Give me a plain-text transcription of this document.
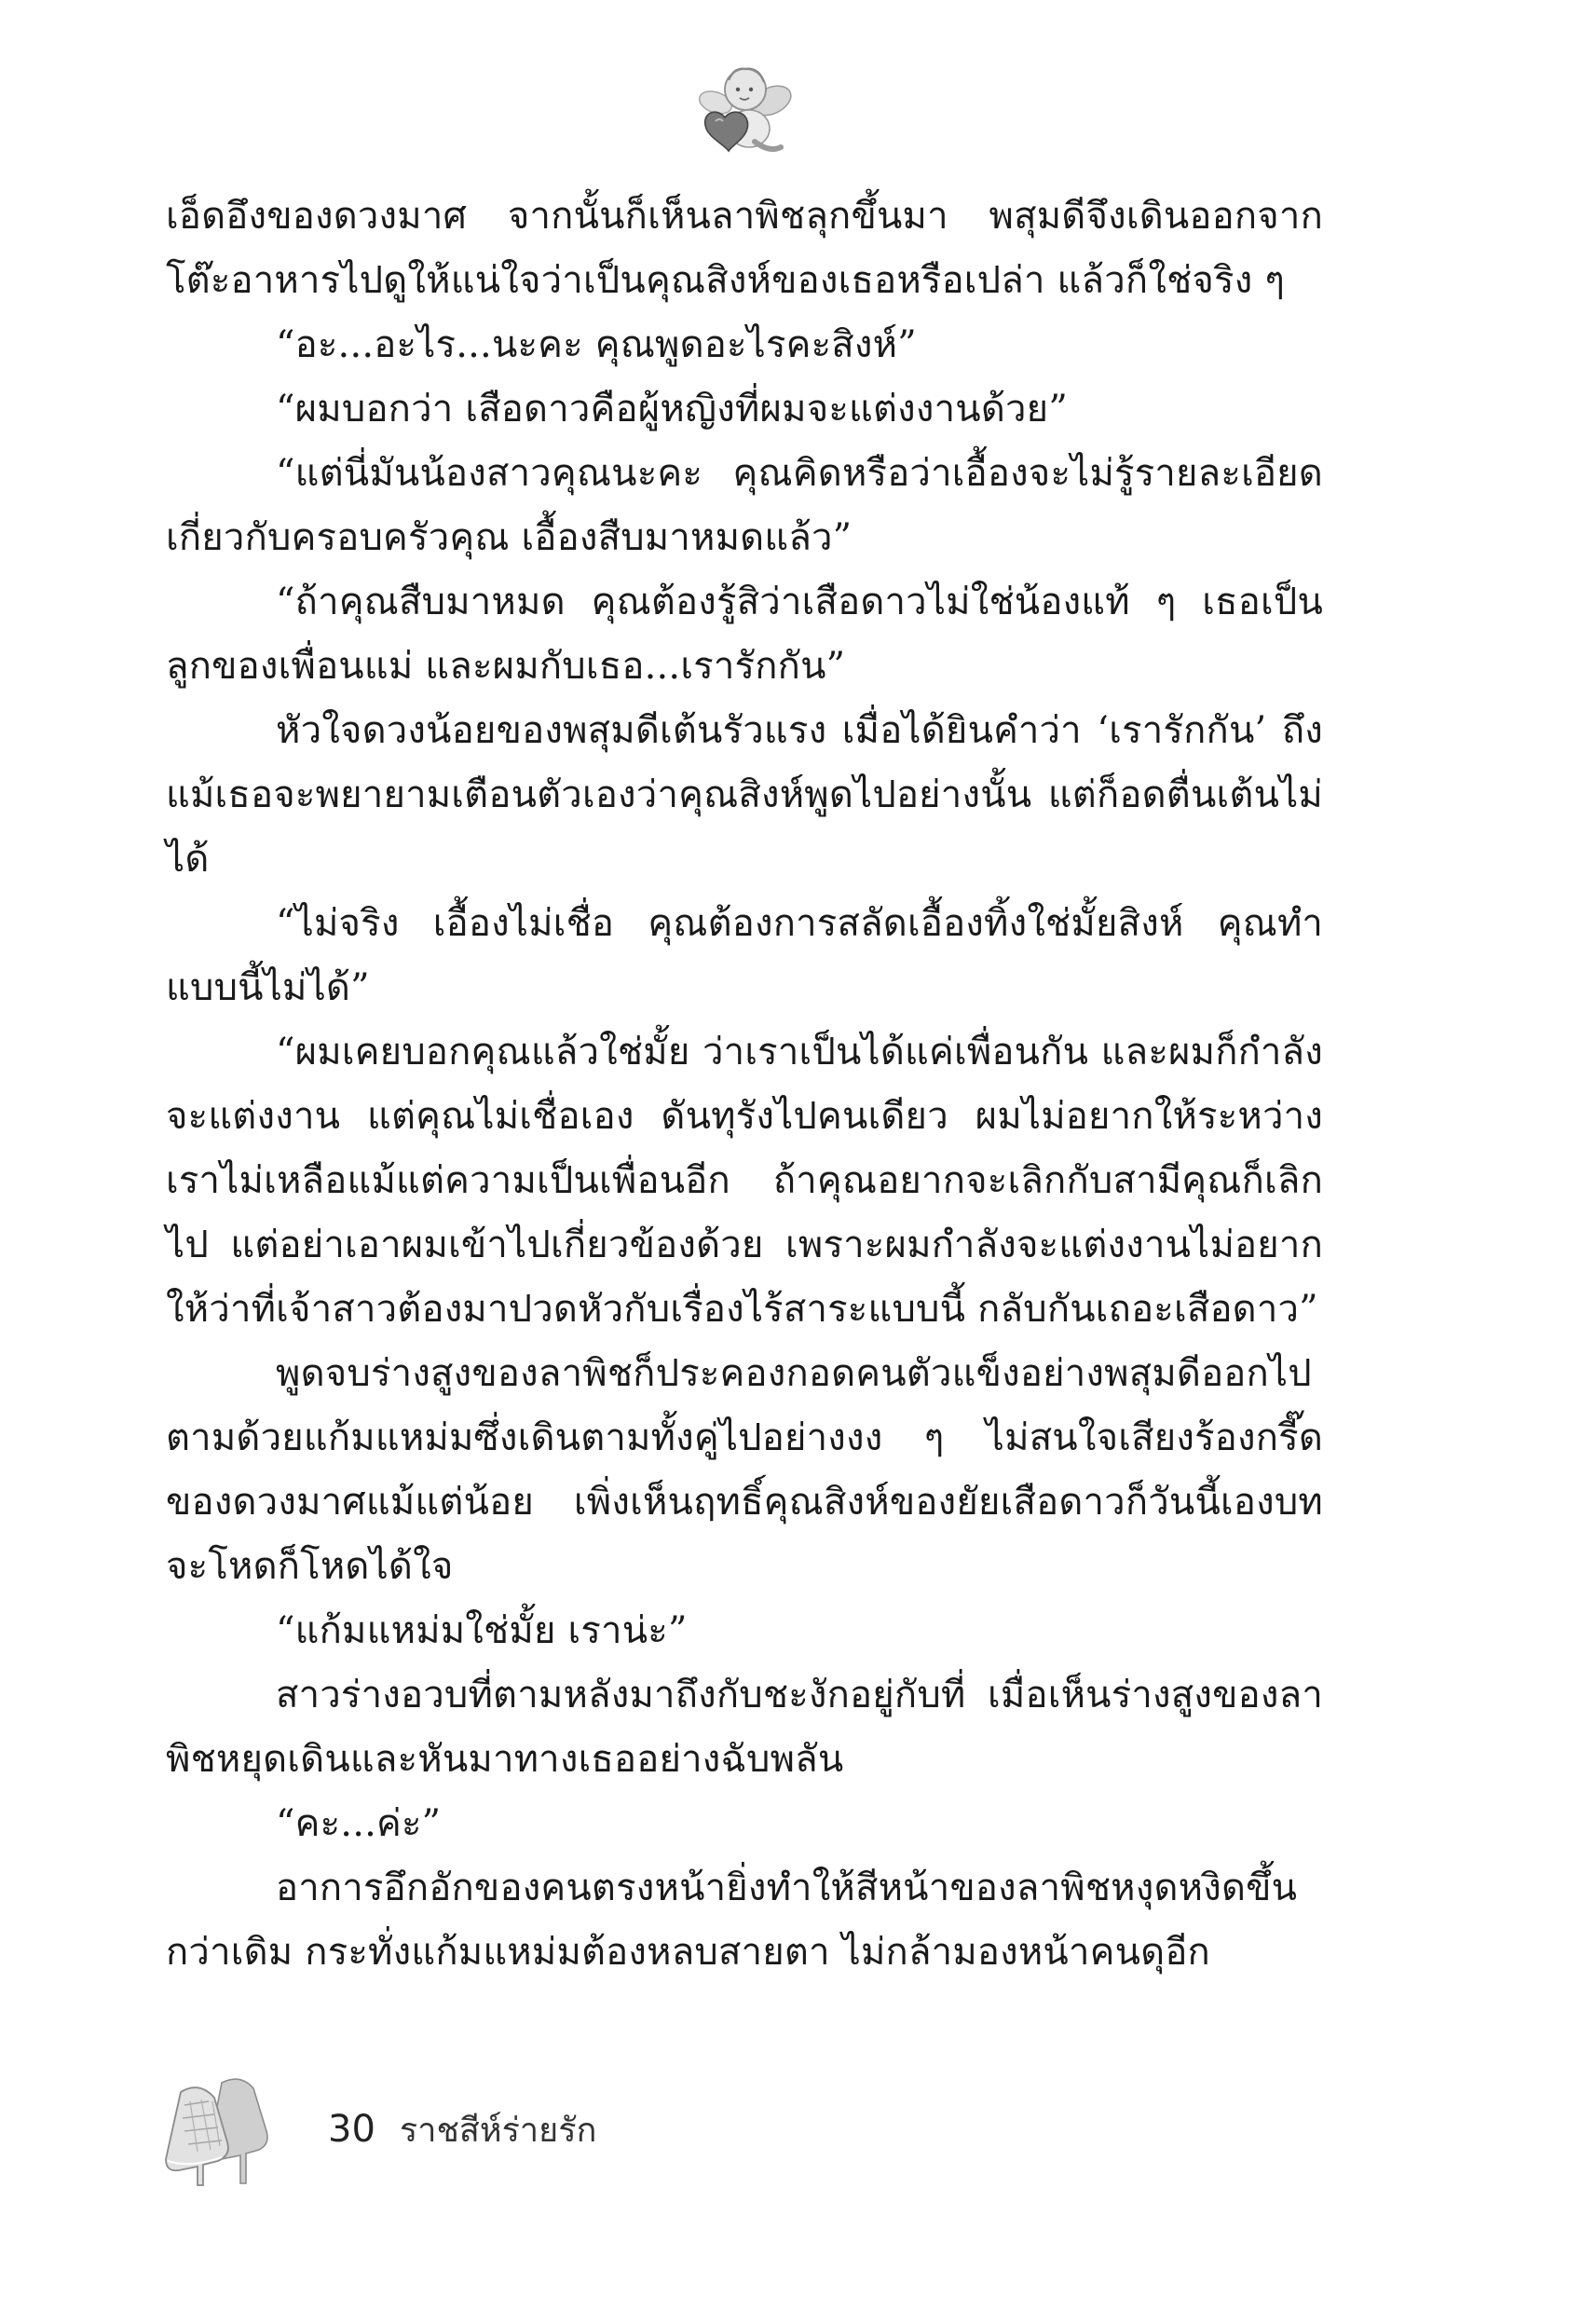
เอ็ดอึงของดวงมาศ จากนั้นก็เห็นลาพิชลุกขึ้นมา พสุมดีจึงเดินออกจากโต๊ะอาหารไปดูให้แน่ใจว่าเป็นคุณสิงห์ของเธอหรือเปล่า แล้วก็ใช่จริง ๆ

“อะ...อะไร...นะคะ คุณพูดอะไรคะสิงห์”

“ผมบอกว่า เสือดาวคือผู้หญิงที่ผมจะแต่งงานด้วย”

“แต่นี่มันน้องสาวคุณนะคะ คุณคิดหรือว่าเอื้องจะไม่รู้รายละเอียดเกี่ยวกับครอบครัวคุณ เอื้องสืบมาหมดแล้ว”

“ถ้าคุณสืบมาหมด คุณต้องรู้สิว่าเสือดาวไม่ใช่น้องแท้ ๆ เธอเป็นลูกของเพื่อนแม่ และผมกับเธอ...เรารักกัน”

หัวใจดวงน้อยของพสุมดีเต้นรัวแรง เมื่อได้ยินคำว่า ‘เรารักกัน’ ถึงแม้เธอจะพยายามเตือนตัวเองว่าคุณสิงห์พูดไปอย่างนั้น แต่ก็อดตื่นเต้นไม่ได้

“ไม่จริง เอื้องไม่เชื่อ คุณต้องการสลัดเอื้องทิ้งใช่มั้ยสิงห์ คุณทำแบบนี้ไม่ได้”

“ผมเคยบอกคุณแล้วใช่มั้ย ว่าเราเป็นได้แค่เพื่อนกัน และผมก็กำลังจะแต่งงาน แต่คุณไม่เชื่อเอง ดันทุรังไปคนเดียว ผมไม่อยากให้ระหว่างเราไม่เหลือแม้แต่ความเป็นเพื่อนอีก ถ้าคุณอยากจะเลิกกับสามีคุณก็เลิกไป แต่อย่าเอาผมเข้าไปเกี่ยวข้องด้วย เพราะผมกำลังจะแต่งงานไม่อยากให้ว่าที่เจ้าสาวต้องมาปวดหัวกับเรื่องไร้สาระแบบนี้ กลับกันเถอะเสือดาว”

พูดจบร่างสูงของลาพิชก็ประคองกอดคนตัวแข็งอย่างพสุมดีออกไปตามด้วยแก้มแหม่มซึ่งเดินตามทั้งคู่ไปอย่างงง ๆ ไม่สนใจเสียงร้องกรี๊ดของดวงมาศแม้แต่น้อย เพิ่งเห็นฤทธิ์คุณสิงห์ของยัยเสือดาวก็วันนี้เองบทจะโหดก็โหดได้ใจ

“แก้มแหม่มใช่มั้ย เราน่ะ”

สาวร่างอวบที่ตามหลังมาถึงกับชะงักอยู่กับที่ เมื่อเห็นร่างสูงของลาพิชหยุดเดินและหันมาทางเธออย่างฉับพลัน

“คะ...ค่ะ”

อาการอึกอักของคนตรงหน้ายิ่งทำให้สีหน้าของลาพิชหงุดหงิดขึ้นกว่าเดิม กระทั่งแก้มแหม่มต้องหลบสายตา ไม่กล้ามองหน้าคนดุอีก

30 ราชสีห์ร่ายรัก
